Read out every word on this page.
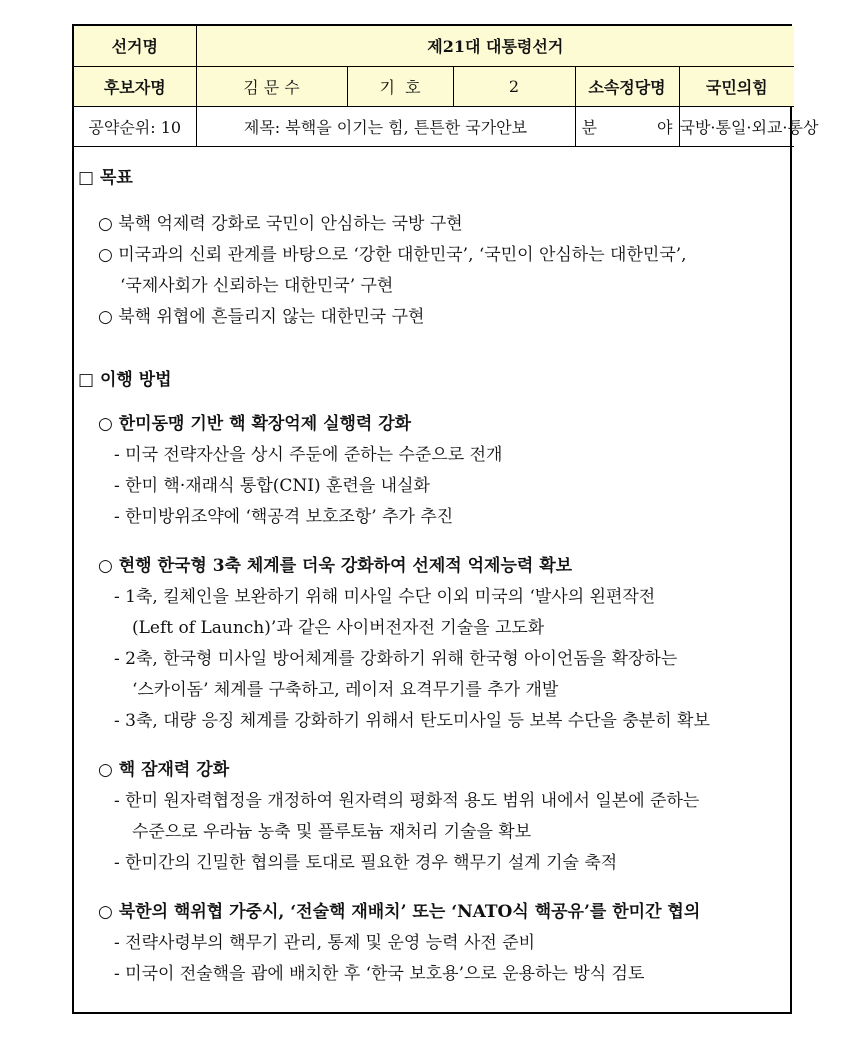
선거명	제21대 대통령선거				
후보자명	김 문 수	기  호	2	소속정당명	국민의힘
공약순위: 10	제목: 북핵을 이기는 힘, 튼튼한 국가안보			분 야	국방·통일·외교·통상
□ 목표
○ 북핵 억제력 강화로 국민이 안심하는 국방 구현
○ 미국과의 신뢰 관계를 바탕으로 ‘강한 대한민국’, ‘국민이 안심하는 대한민국’,
‘국제사회가 신뢰하는 대한민국’ 구현
○ 북핵 위협에 흔들리지 않는 대한민국 구현
□ 이행 방법
○ 한미동맹 기반 핵 확장억제 실행력 강화
- 미국 전략자산을 상시 주둔에 준하는 수준으로 전개
- 한미 핵·재래식 통합(CNI) 훈련을 내실화
- 한미방위조약에 ‘핵공격 보호조항’ 추가 추진
○ 현행 한국형 3축 체계를 더욱 강화하여 선제적 억제능력 확보
- 1축, 킬체인을 보완하기 위해 미사일 수단 이외 미국의 ‘발사의 왼편작전
(Left of Launch)’과 같은 사이버전자전 기술을 고도화
- 2축, 한국형 미사일 방어체계를 강화하기 위해 한국형 아이언돔을 확장하는
‘스카이돔’ 체계를 구축하고, 레이저 요격무기를 추가 개발
- 3축, 대량 응징 체계를 강화하기 위해서 탄도미사일 등 보복 수단을 충분히 확보
○ 핵 잠재력 강화
- 한미 원자력협정을 개정하여 원자력의 평화적 용도 범위 내에서 일본에 준하는
수준으로 우라늄 농축 및 플루토늄 재처리 기술을 확보
- 한미간의 긴밀한 협의를 토대로 필요한 경우 핵무기 설계 기술 축적
○ 북한의 핵위협 가중시, ‘전술핵 재배치’ 또는 ‘NATO식 핵공유’를 한미간 협의
- 전략사령부의 핵무기 관리, 통제 및 운영 능력 사전 준비
- 미국이 전술핵을 괌에 배치한 후 ‘한국 보호용’으로 운용하는 방식 검토
